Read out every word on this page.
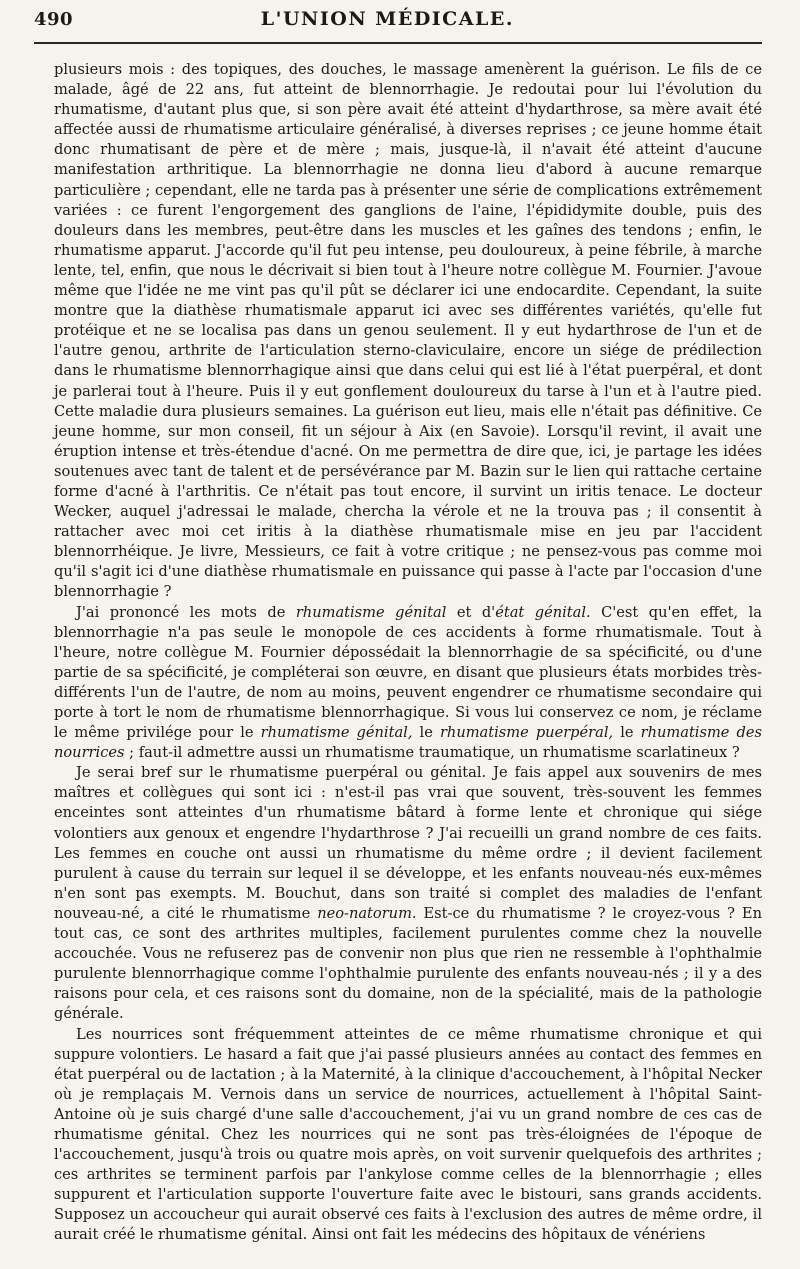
490	L'UNION MÉDICALE.

plusieurs mois : des topiques, des douches, le massage amenèrent la guérison. Le fils de ce malade, âgé de 22 ans, fut atteint de blennorrhagie. Je redoutai pour lui l'évolution du rhumatisme, d'autant plus que, si son père avait été atteint d'hydarthrose, sa mère avait été affectée aussi de rhumatisme articulaire généralisé, à diverses reprises ; ce jeune homme était donc rhumatisant de père et de mère ; mais, jusque-là, il n'avait été atteint d'aucune manifestation arthritique. La blennorrhagie ne donna lieu d'abord à aucune remarque particulière ; cependant, elle ne tarda pas à présenter une série de complications extrêmement variées : ce furent l'engorgement des ganglions de l'aine, l'épididymite double, puis des douleurs dans les membres, peut-être dans les muscles et les gaînes des tendons ; enfin, le rhumatisme apparut. J'accorde qu'il fut peu intense, peu douloureux, à peine fébrile, à marche lente, tel, enfin, que nous le décrivait si bien tout à l'heure notre collègue M. Fournier. J'avoue même que l'idée ne me vint pas qu'il pût se déclarer ici une endocardite. Cependant, la suite montre que la diathèse rhumatismale apparut ici avec ses différentes variétés, qu'elle fut protéique et ne se localisa pas dans un genou seulement. Il y eut hydarthrose de l'un et de l'autre genou, arthrite de l'articulation sterno-claviculaire, encore un siége de prédilection dans le rhumatisme blennorrhagique ainsi que dans celui qui est lié à l'état puerpéral, et dont je parlerai tout à l'heure. Puis il y eut gonflement douloureux du tarse à l'un et à l'autre pied. Cette maladie dura plusieurs semaines. La guérison eut lieu, mais elle n'était pas définitive. Ce jeune homme, sur mon conseil, fit un séjour à Aix (en Savoie). Lorsqu'il revint, il avait une éruption intense et très-étendue d'acné. On me permettra de dire que, ici, je partage les idées soutenues avec tant de talent et de persévérance par M. Bazin sur le lien qui rattache certaine forme d'acné à l'arthritis. Ce n'était pas tout encore, il survint un iritis tenace. Le docteur Wecker, auquel j'adressai le malade, chercha la vérole et ne la trouva pas ; il consentit à rattacher avec moi cet iritis à la diathèse rhumatismale mise en jeu par l'accident blennorrhéique. Je livre, Messieurs, ce fait à votre critique ; ne pensez-vous pas comme moi qu'il s'agit ici d'une diathèse rhumatismale en puissance qui passe à l'acte par l'occasion d'une blennorrhagie ?

J'ai prononcé les mots de rhumatisme génital et d'état génital. C'est qu'en effet, la blennorrhagie n'a pas seule le monopole de ces accidents à forme rhumatismale. Tout à l'heure, notre collègue M. Fournier dépossédait la blennorrhagie de sa spécificité, ou d'une partie de sa spécificité, je compléterai son œuvre, en disant que plusieurs états morbides très-différents l'un de l'autre, de nom au moins, peuvent engendrer ce rhumatisme secondaire qui porte à tort le nom de rhumatisme blennorrhagique. Si vous lui conservez ce nom, je réclame le même privilége pour le rhumatisme génital, le rhumatisme puerpéral, le rhumatisme des nourrices ; faut-il admettre aussi un rhumatisme traumatique, un rhumatisme scarlatineux ?

Je serai bref sur le rhumatisme puerpéral ou génital. Je fais appel aux souvenirs de mes maîtres et collègues qui sont ici : n'est-il pas vrai que souvent, très-souvent les femmes enceintes sont atteintes d'un rhumatisme bâtard à forme lente et chronique qui siége volontiers aux genoux et engendre l'hydarthrose ? J'ai recueilli un grand nombre de ces faits. Les femmes en couche ont aussi un rhumatisme du même ordre ; il devient facilement purulent à cause du terrain sur lequel il se développe, et les enfants nouveau-nés eux-mêmes n'en sont pas exempts. M. Bouchut, dans son traité si complet des maladies de l'enfant nouveau-né, a cité le rhumatisme neo-natorum. Est-ce du rhumatisme ? le croyez-vous ? En tout cas, ce sont des arthrites multiples, facilement purulentes comme chez la nouvelle accouchée. Vous ne refuserez pas de convenir non plus que rien ne ressemble à l'ophthalmie purulente blennorrhagique comme l'ophthalmie purulente des enfants nouveau-nés ; il y a des raisons pour cela, et ces raisons sont du domaine, non de la spécialité, mais de la pathologie générale.

Les nourrices sont fréquemment atteintes de ce même rhumatisme chronique et qui suppure volontiers. Le hasard a fait que j'ai passé plusieurs années au contact des femmes en état puerpéral ou de lactation ; à la Maternité, à la clinique d'accouchement, à l'hôpital Necker où je remplaçais M. Vernois dans un service de nourrices, actuellement à l'hôpital Saint-Antoine où je suis chargé d'une salle d'accouchement, j'ai vu un grand nombre de ces cas de rhumatisme génital. Chez les nourrices qui ne sont pas très-éloignées de l'époque de l'accouchement, jusqu'à trois ou quatre mois après, on voit survenir quelquefois des arthrites ; ces arthrites se terminent parfois par l'ankylose comme celles de la blennorrhagie ; elles suppurent et l'articulation supporte l'ouverture faite avec le bistouri, sans grands accidents. Supposez un accoucheur qui aurait observé ces faits à l'exclusion des autres de même ordre, il aurait créé le rhumatisme génital. Ainsi ont fait les médecins des hôpitaux de vénériens
